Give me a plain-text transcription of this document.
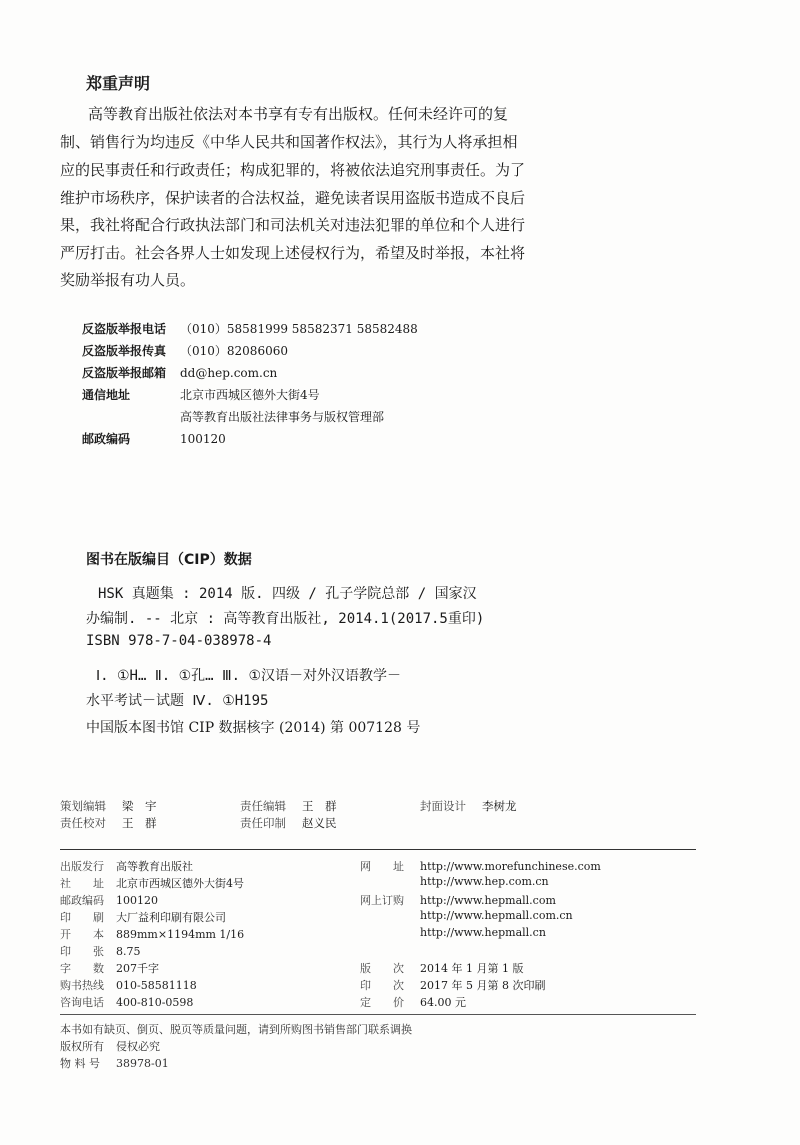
郑重声明
高等教育出版社依法对本书享有专有出版权。任何未经许可的复
制、销售行为均违反《中华人民共和国著作权法》，其行为人将承担相
应的民事责任和行政责任；构成犯罪的，将被依法追究刑事责任。为了
维护市场秩序，保护读者的合法权益，避免读者误用盗版书造成不良后
果，我社将配合行政执法部门和司法机关对违法犯罪的单位和个人进行
严厉打击。社会各界人士如发现上述侵权行为，希望及时举报，本社将
奖励举报有功人员。
反盗版举报电话 （010）58581999 58582371 58582488
反盗版举报传真 （010）82086060
反盗版举报邮箱 dd@hep.com.cn
通信地址	北京市西城区德外大街4号
高等教育出版社法律事务与版权管理部
邮政编码	100120
图书在版编目（CIP）数据
HSK 真题集 : 2014 版. 四级 / 孔子学院总部 / 国家汉
办编制. -- 北京 : 高等教育出版社, 2014.1(2017.5重印)
ISBN 978-7-04-038978-4
Ⅰ. ①H… Ⅱ. ①孔… Ⅲ. ①汉语－对外汉语教学－
水平考试－试题 Ⅳ. ①H195
中国版本图书馆 CIP 数据核字 (2014) 第 007128 号
策划编辑 梁　宇	责任编辑 王　群	封面设计 李树龙
责任校对 王　群	责任印制 赵义民
出版发行 高等教育出版社
社　　址 北京市西城区德外大街4号
邮政编码 100120
印　　刷 大厂益利印刷有限公司
开　　本 889mm×1194mm 1/16
印　　张 8.75
字　　数 207千字
购书热线 010-58581118
咨询电话 400-810-0598
网　　址 http://www.morefunchinese.com
http://www.hep.com.cn
网上订购 http://www.hepmall.com
http://www.hepmall.com.cn
http://www.hepmall.cn
版　　次 2014 年 1 月第 1 版
印　　次 2017 年 5 月第 8 次印刷
定　　价 64.00 元
本书如有缺页、倒页、脱页等质量问题，请到所购图书销售部门联系调换
版权所有 侵权必究
物 料 号 38978-01
